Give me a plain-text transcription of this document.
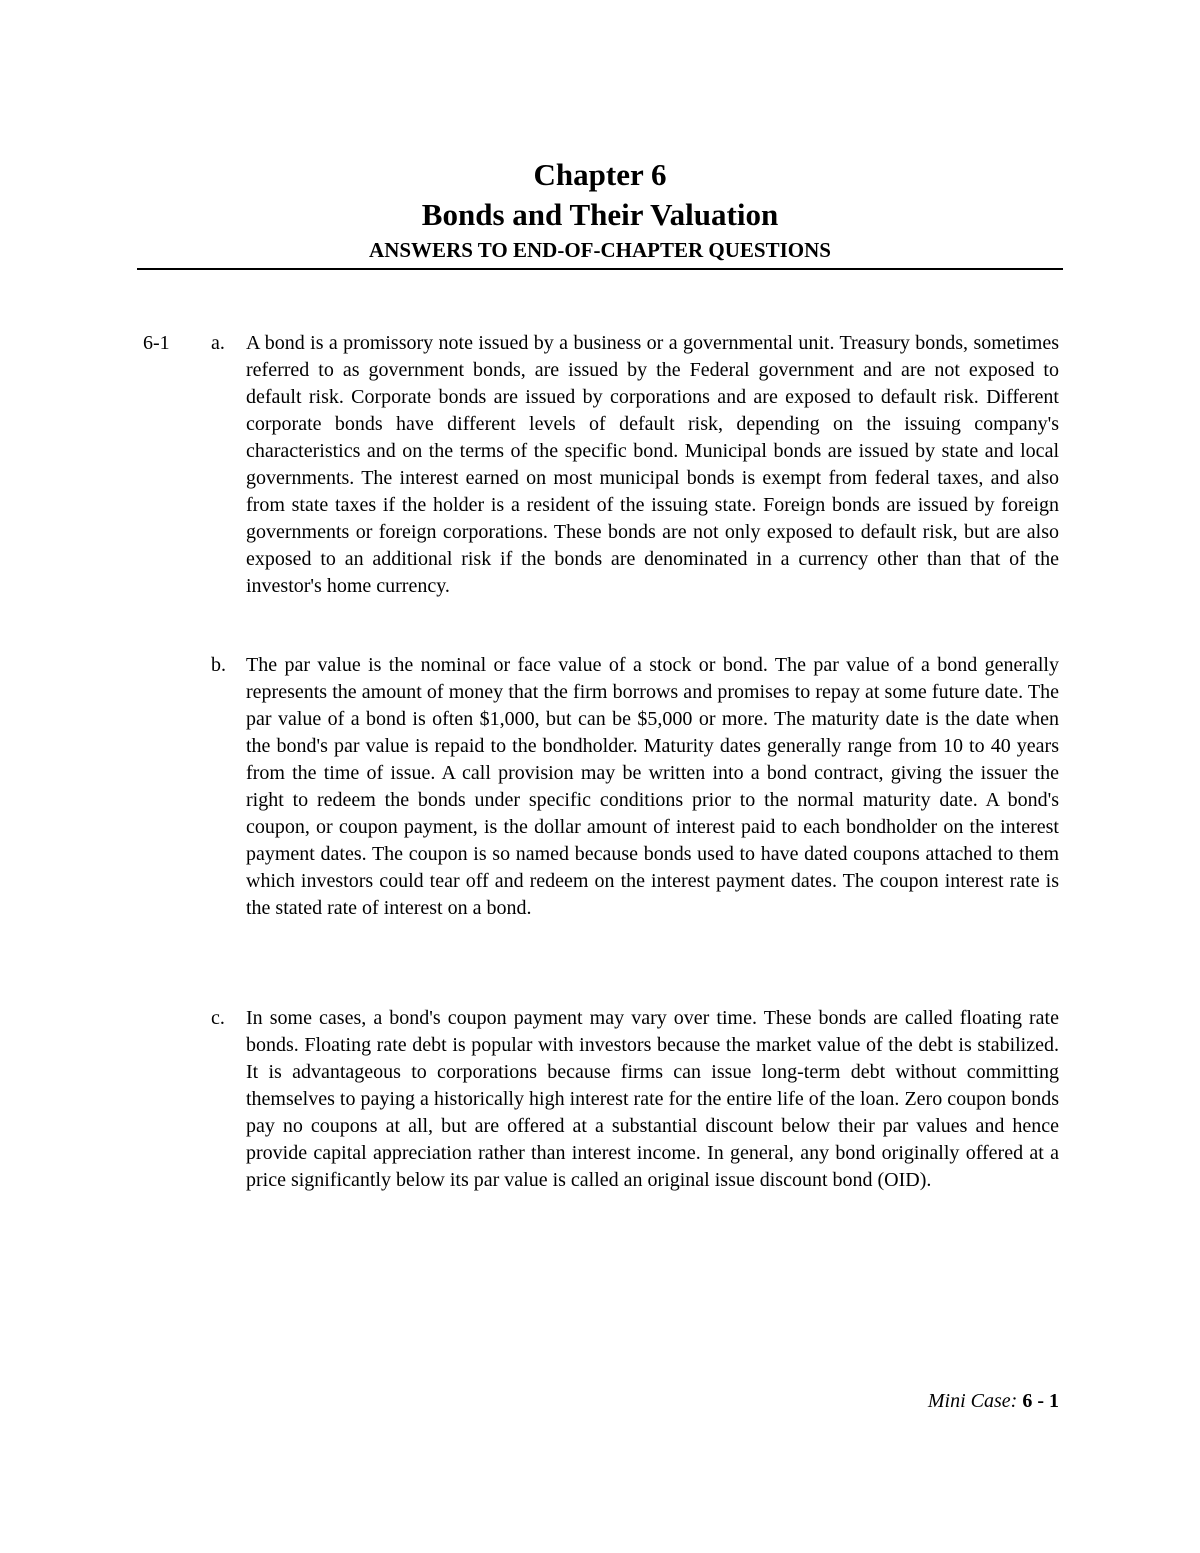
Chapter 6
Bonds and Their Valuation
ANSWERS TO END-OF-CHAPTER QUESTIONS
6-1 a.	A bond is a promissory note issued by a business or a governmental unit. Treasury bonds, sometimes referred to as government bonds, are issued by the Federal government and are not exposed to default risk. Corporate bonds are issued by corporations and are exposed to default risk. Different corporate bonds have different levels of default risk, depending on the issuing company's characteristics and on the terms of the specific bond. Municipal bonds are issued by state and local governments. The interest earned on most municipal bonds is exempt from federal taxes, and also from state taxes if the holder is a resident of the issuing state. Foreign bonds are issued by foreign governments or foreign corporations. These bonds are not only exposed to default risk, but are also exposed to an additional risk if the bonds are denominated in a currency other than that of the investor's home currency.
b.	The par value is the nominal or face value of a stock or bond. The par value of a bond generally represents the amount of money that the firm borrows and promises to repay at some future date. The par value of a bond is often $1,000, but can be $5,000 or more. The maturity date is the date when the bond's par value is repaid to the bondholder. Maturity dates generally range from 10 to 40 years from the time of issue. A call provision may be written into a bond contract, giving the issuer the right to redeem the bonds under specific conditions prior to the normal maturity date. A bond's coupon, or coupon payment, is the dollar amount of interest paid to each bondholder on the interest payment dates. The coupon is so named because bonds used to have dated coupons attached to them which investors could tear off and redeem on the interest payment dates. The coupon interest rate is the stated rate of interest on a bond.
c.	In some cases, a bond's coupon payment may vary over time. These bonds are called floating rate bonds. Floating rate debt is popular with investors because the market value of the debt is stabilized. It is advantageous to corporations because firms can issue long-term debt without committing themselves to paying a historically high interest rate for the entire life of the loan. Zero coupon bonds pay no coupons at all, but are offered at a substantial discount below their par values and hence provide capital appreciation rather than interest income. In general, any bond originally offered at a price significantly below its par value is called an original issue discount bond (OID).
Mini Case: 6 - 1
